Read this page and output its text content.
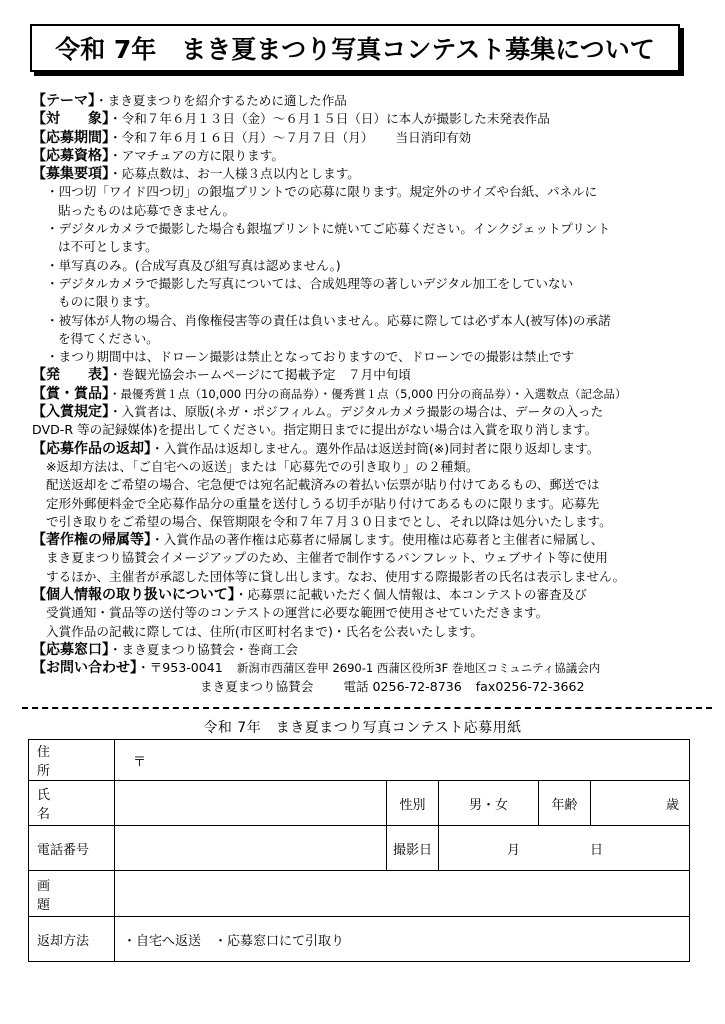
令和 7年　まき夏まつり写真コンテスト募集について
【テーマ】・まき夏まつりを紹介するために適した作品
【対　　象】・令和７年６月１３日（金）～６月１５日（日）に本人が撮影した未発表作品
【応募期間】・令和７年６月１６日（月）～７月７日（月） 当日消印有効
【応募資格】・アマチュアの方に限ります。
【募集要項】・応募点数は、お一人様３点以内とします。
・四つ切「ワイド四つ切」の銀塩プリントでの応募に限ります。規定外のサイズや台紙、パネルに
貼ったものは応募できません。
・デジタルカメラで撮影した場合も銀塩プリントに焼いてご応募ください。インクジェットプリント
は不可とします。
・単写真のみ。(合成写真及び組写真は認めません。)
・デジタルカメラで撮影した写真については、合成処理等の著しいデジタル加工をしていない
ものに限ります。
・被写体が人物の場合、肖像権侵害等の責任は負いません。応募に際しては必ず本人(被写体)の承諾
を得てください。
・まつり期間中は、ドローン撮影は禁止となっておりますので、ドローンでの撮影は禁止です
【発　　表】・巻観光協会ホームページにて掲載予定　７月中旬頃
【賞・賞品】・最優秀賞１点（10,000 円分の商品券）・優秀賞１点（5,000 円分の商品券）・入選数点（記念品）
【入賞規定】・入賞者は、原版(ネガ・ポジフィルム。デジタルカメラ撮影の場合は、データの入った
DVD-R 等の記録媒体)を提出してください。指定期日までに提出がない場合は入賞を取り消します。
【応募作品の返却】・入賞作品は返却しません。選外作品は返送封筒(※)同封者に限り返却します。
※返却方法は、「ご自宅への返送」または「応募先での引き取り」の２種類。
配送返却をご希望の場合、宅急便では宛名記載済みの着払い伝票が貼り付けてあるもの、郵送では
定形外郵便料金で全応募作品分の重量を送付しうる切手が貼り付けてあるものに限ります。応募先
で引き取りをご希望の場合、保管期限を令和７年７月３０日までとし、それ以降は処分いたします。
【著作権の帰属等】・入賞作品の著作権は応募者に帰属します。使用権は応募者と主催者に帰属し、
まき夏まつり協賛会イメージアップのため、主催者で制作するパンフレット、ウェブサイト等に使用
するほか、主催者が承認した団体等に貸し出します。なお、使用する際撮影者の氏名は表示しません。
【個人情報の取り扱いについて】・応募票に記載いただく個人情報は、本コンテストの審査及び
受賞通知・賞品等の送付等のコンテストの運営に必要な範囲で使用させていただきます。
入賞作品の記載に際しては、住所(市区町村名まで)・氏名を公表いたします。
【応募窓口】・まき夏まつり協賛会・巻商工会
【お問い合わせ】・〒953-0041 新潟市西蒲区巻甲 2690-1 西蒲区役所3F 巻地区コミュニティ協議会内
まき夏まつり協賛会 電話 0256-72-8736 fax0256-72-3662
令和 7年　まき夏まつり写真コンテスト応募用紙
住所	〒				
氏名		性別	男・女	年齢	歳
電話番号		撮影日	月 日		
画題					
返却方法	・自宅へ返送　・応募窓口にて引取り				
